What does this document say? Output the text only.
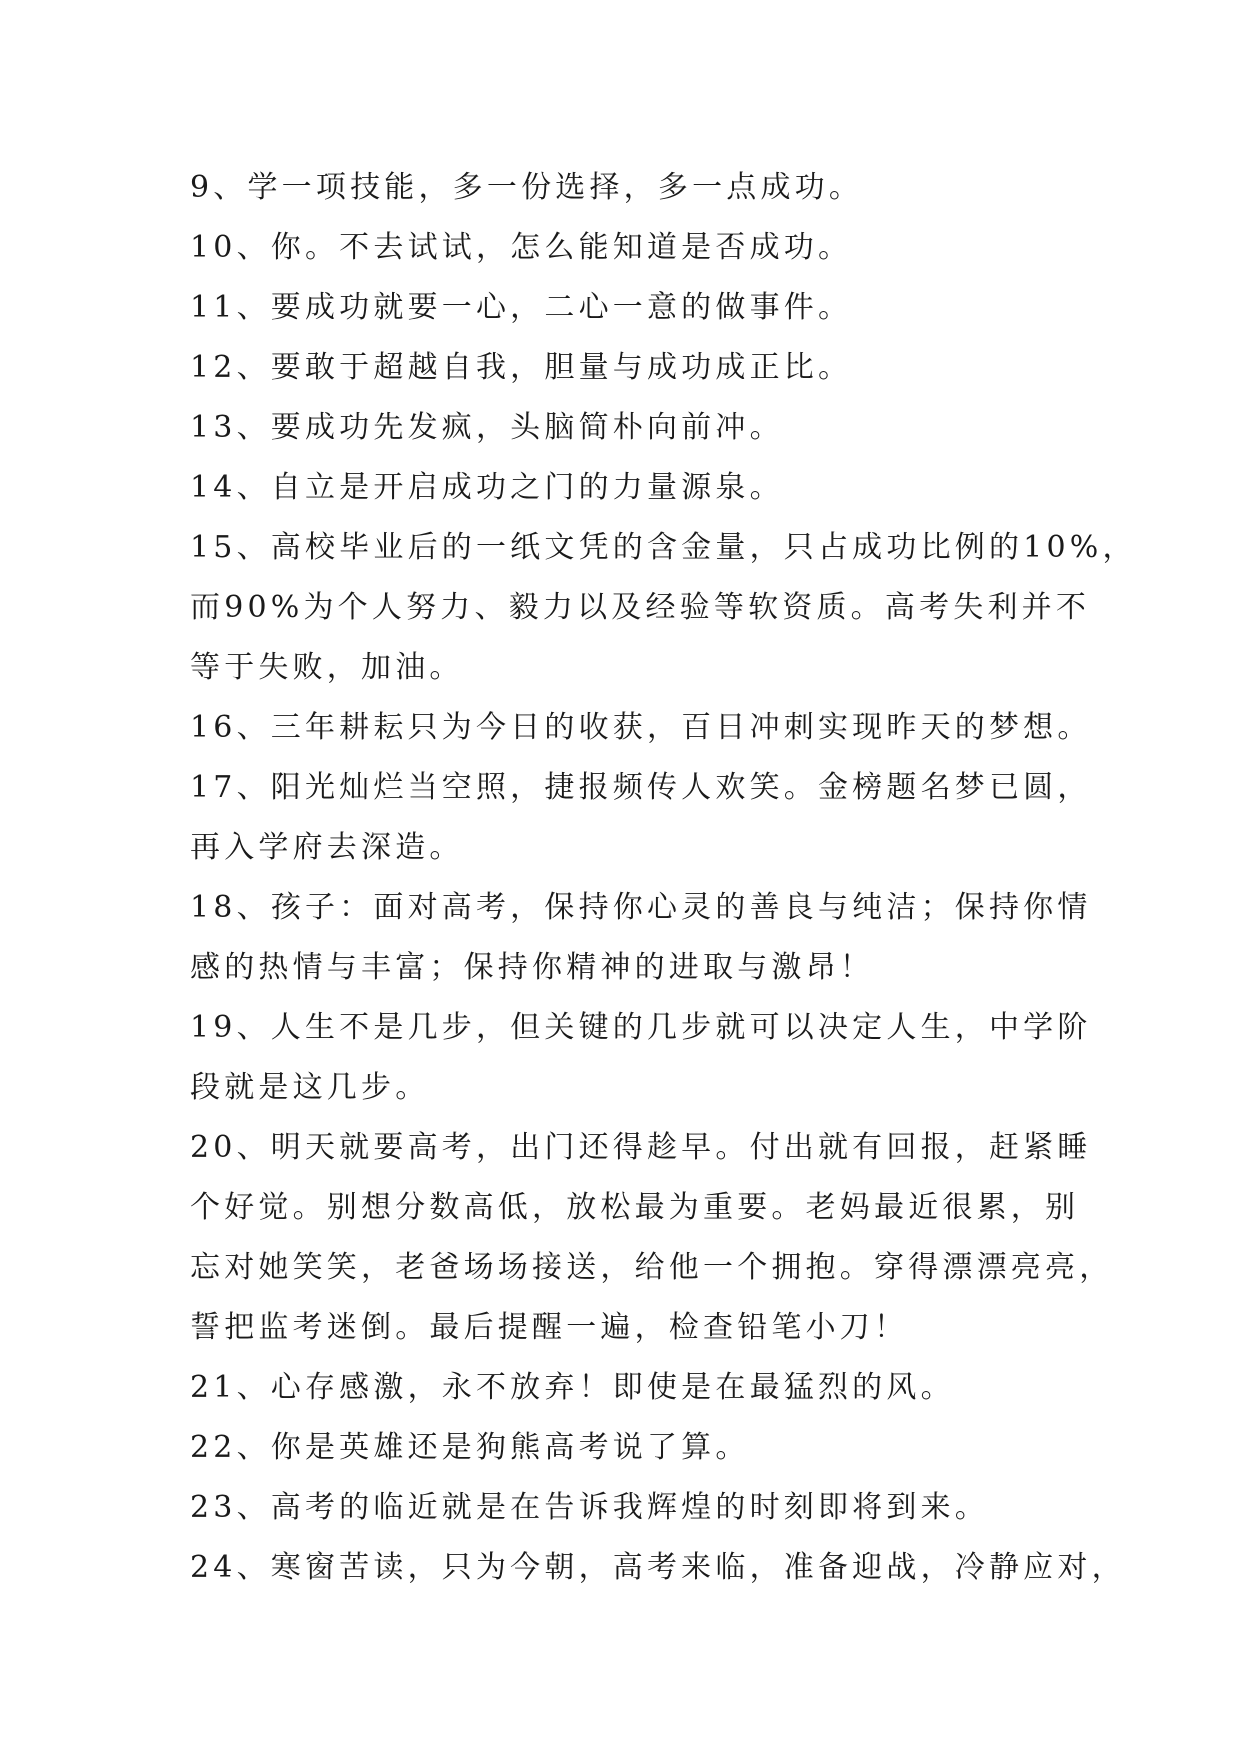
9、学一项技能，多一份选择，多一点成功。
10、你。不去试试，怎么能知道是否成功。
11、要成功就要一心，二心一意的做事件。
12、要敢于超越自我，胆量与成功成正比。
13、要成功先发疯，头脑简朴向前冲。
14、自立是开启成功之门的力量源泉。
15、高校毕业后的一纸文凭的含金量，只占成功比例的10%，
而90%为个人努力、毅力以及经验等软资质。高考失利并不
等于失败，加油。
16、三年耕耘只为今日的收获，百日冲刺实现昨天的梦想。
17、阳光灿烂当空照，捷报频传人欢笑。金榜题名梦已圆，
再入学府去深造。
18、孩子：面对高考，保持你心灵的善良与纯洁；保持你情
感的热情与丰富；保持你精神的进取与激昂！
19、人生不是几步，但关键的几步就可以决定人生，中学阶
段就是这几步。
20、明天就要高考，出门还得趁早。付出就有回报，赶紧睡
个好觉。别想分数高低，放松最为重要。老妈最近很累，别
忘对她笑笑，老爸场场接送，给他一个拥抱。穿得漂漂亮亮，
誓把监考迷倒。最后提醒一遍，检查铅笔小刀！
21、心存感激，永不放弃！即使是在最猛烈的风。
22、你是英雄还是狗熊高考说了算。
23、高考的临近就是在告诉我辉煌的时刻即将到来。
24、寒窗苦读，只为今朝，高考来临，准备迎战，冷静应对，
